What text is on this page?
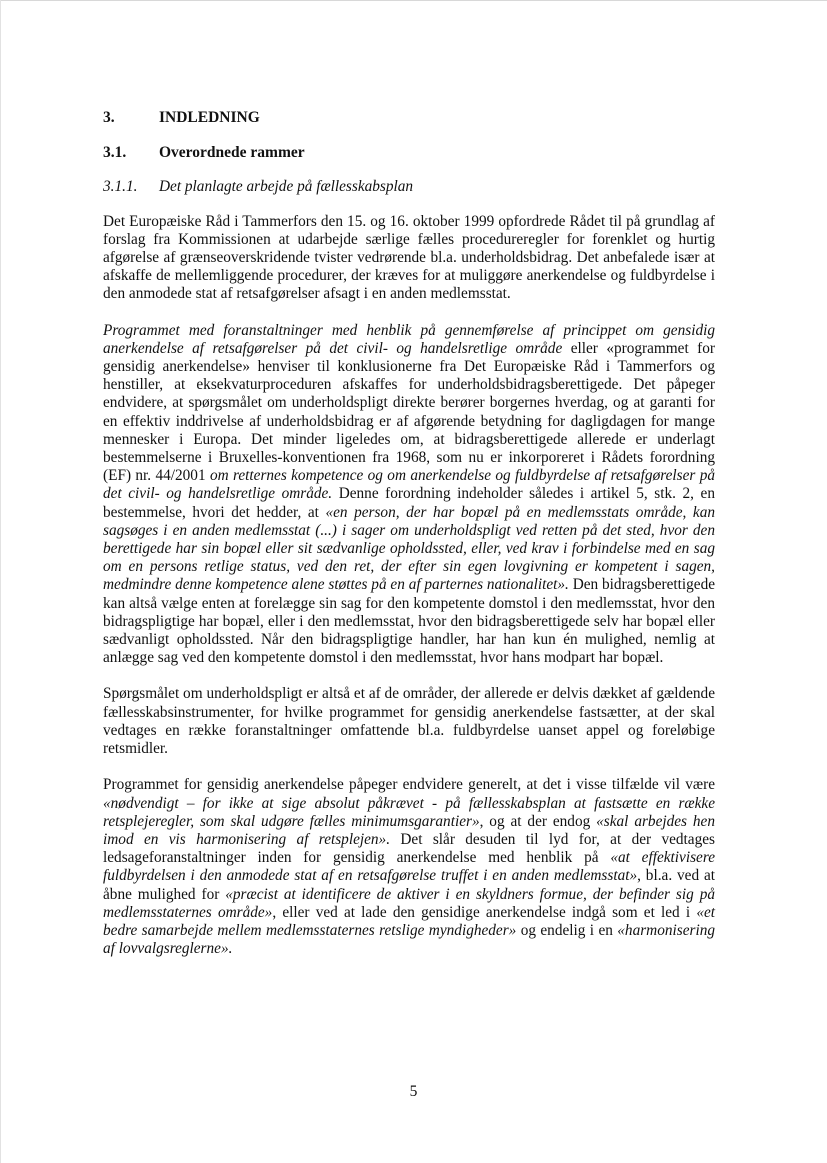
3.	INDLEDNING
3.1.	Overordnede rammer
3.1.1.	Det planlagte arbejde på fællesskabsplan

Det Europæiske Råd i Tammerfors den 15. og 16. oktober 1999 opfordrede Rådet til på grundlag af forslag fra Kommissionen at udarbejde særlige fælles procedureregler for forenklet og hurtig afgørelse af grænseoverskridende tvister vedrørende bl.a. underholdsbidrag. Det anbefalede især at afskaffe de mellemliggende procedurer, der kræves for at muliggøre anerkendelse og fuldbyrdelse i den anmodede stat af retsafgørelser afsagt i en anden medlemsstat.

Programmet med foranstaltninger med henblik på gennemførelse af princippet om gensidig anerkendelse af retsafgørelser på det civil- og handelsretlige område eller «programmet for gensidig anerkendelse» henviser til konklusionerne fra Det Europæiske Råd i Tammerfors og henstiller, at eksekvaturproceduren afskaffes for underholdsbidragsberettigede. Det påpeger endvidere, at spørgsmålet om underholdspligt direkte berører borgernes hverdag, og at garanti for en effektiv inddrivelse af underholdsbidrag er af afgørende betydning for dagligdagen for mange mennesker i Europa. Det minder ligeledes om, at bidragsberettigede allerede er underlagt bestemmelserne i Bruxelles-konventionen fra 1968, som nu er inkorporeret i Rådets forordning (EF) nr. 44/2001 om retternes kompetence og om anerkendelse og fuldbyrdelse af retsafgørelser på det civil- og handelsretlige område. Denne forordning indeholder således i artikel 5, stk. 2, en bestemmelse, hvori det hedder, at «en person, der har bopæl på en medlemsstats område, kan sagsøges i en anden medlemsstat (...) i sager om underholdspligt ved retten på det sted, hvor den berettigede har sin bopæl eller sit sædvanlige opholdssted, eller, ved krav i forbindelse med en sag om en persons retlige status, ved den ret, der efter sin egen lovgivning er kompetent i sagen, medmindre denne kompetence alene støttes på en af parternes nationalitet». Den bidragsberettigede kan altså vælge enten at forelægge sin sag for den kompetente domstol i den medlemsstat, hvor den bidragspligtige har bopæl, eller i den medlemsstat, hvor den bidragsberettigede selv har bopæl eller sædvanligt opholdssted. Når den bidragspligtige handler, har han kun én mulighed, nemlig at anlægge sag ved den kompetente domstol i den medlemsstat, hvor hans modpart har bopæl.

Spørgsmålet om underholdspligt er altså et af de områder, der allerede er delvis dækket af gældende fællesskabsinstrumenter, for hvilke programmet for gensidig anerkendelse fastsætter, at der skal vedtages en række foranstaltninger omfattende bl.a. fuldbyrdelse uanset appel og foreløbige retsmidler.

Programmet for gensidig anerkendelse påpeger endvidere generelt, at det i visse tilfælde vil være «nødvendigt – for ikke at sige absolut påkrævet - på fællesskabsplan at fastsætte en række retsplejeregler, som skal udgøre fælles minimumsgarantier», og at der endog «skal arbejdes hen imod en vis harmonisering af retsplejen». Det slår desuden til lyd for, at der vedtages ledsageforanstaltninger inden for gensidig anerkendelse med henblik på «at effektivisere fuldbyrdelsen i den anmodede stat af en retsafgørelse truffet i en anden medlemsstat», bl.a. ved at åbne mulighed for «præcist at identificere de aktiver i en skyldners formue, der befinder sig på medlemsstaternes område», eller ved at lade den gensidige anerkendelse indgå som et led i «et bedre samarbejde mellem medlemsstaternes retslige myndigheder» og endelig i en «harmonisering af lovvalgsreglerne».

5
